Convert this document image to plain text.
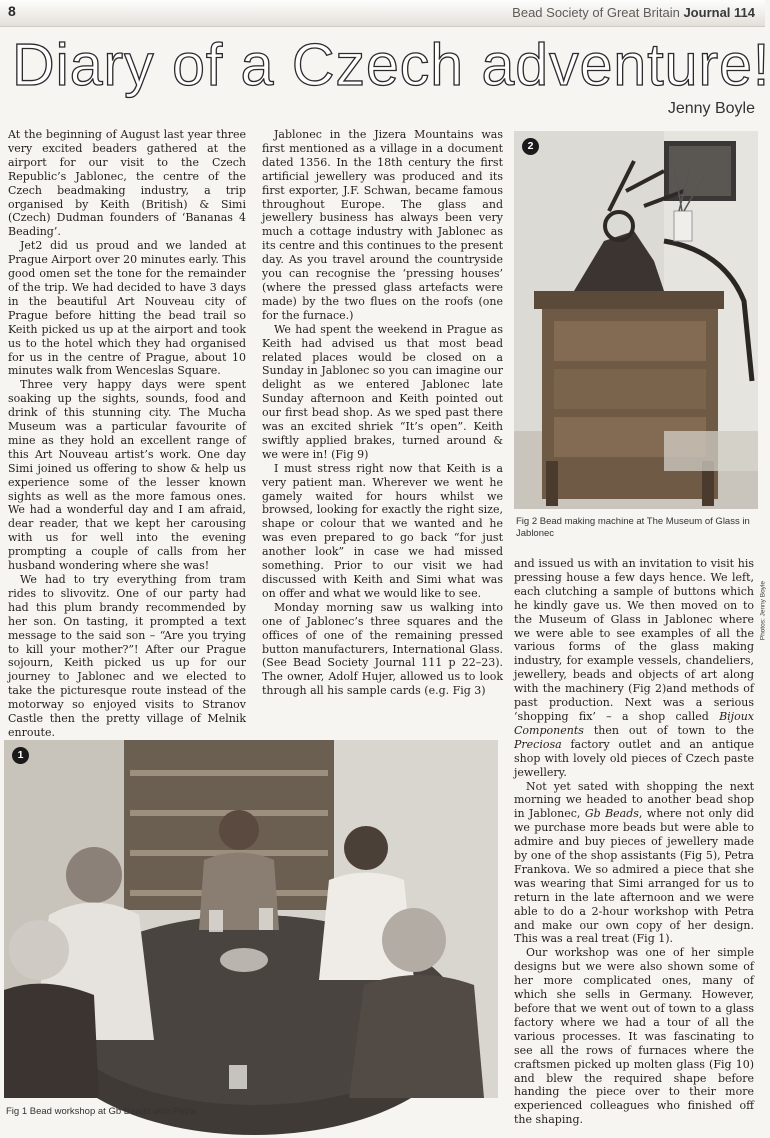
8	Bead Society of Great Britain Journal 114
Diary of a Czech adventure!
Jenny Boyle

At the beginning of August last year three very excited beaders gathered at the airport for our visit to the Czech Republic’s Jablonec, the centre of the Czech beadmaking industry, a trip organised by Keith (British) & Simi (Czech) Dudman founders of ‘Bananas 4 Beading’.

Jet2 did us proud and we landed at Prague Airport over 20 minutes early. This good omen set the tone for the remainder of the trip. We had decided to have 3 days in the beautiful Art Nouveau city of Prague before hitting the bead trail so Keith picked us up at the airport and took us to the hotel which they had organised for us in the centre of Prague, about 10 minutes walk from Wenceslas Square.

Three very happy days were spent soaking up the sights, sounds, food and drink of this stunning city. The Mucha Museum was a particular favourite of mine as they hold an excellent range of this Art Nouveau artist’s work. One day Simi joined us offering to show & help us experience some of the lesser known sights as well as the more famous ones. We had a wonderful day and I am afraid, dear reader, that we kept her carousing with us for well into the evening prompting a couple of calls from her husband wondering where she was!

We had to try everything from tram rides to slivovitz. One of our party had had this plum brandy recommended by her son. On tasting, it prompted a text message to the said son – “Are you trying to kill your mother?”! After our Prague sojourn, Keith picked us up for our journey to Jablonec and we elected to take the picturesque route instead of the motorway so enjoyed visits to Stranov Castle then the pretty village of Melnik enroute.

Jablonec in the Jizera Mountains was first mentioned as a village in a document dated 1356. In the 18th century the first artificial jewellery was produced and its first exporter, J.F. Schwan, became famous throughout Europe. The glass and jewellery business has always been very much a cottage industry with Jablonec as its centre and this continues to the present day. As you travel around the countryside you can recognise the ‘pressing houses’ (where the pressed glass artefacts were made) by the two flues on the roofs (one for the furnace.)

We had spent the weekend in Prague as Keith had advised us that most bead related places would be closed on a Sunday in Jablonec so you can imagine our delight as we entered Jablonec late Sunday afternoon and Keith pointed out our first bead shop. As we sped past there was an excited shriek “It’s open”. Keith swiftly applied brakes, turned around & we were in! (Fig 9)

I must stress right now that Keith is a very patient man. Wherever we went he gamely waited for hours whilst we browsed, looking for exactly the right size, shape or colour that we wanted and he was even prepared to go back “for just another look” in case we had missed something. Prior to our visit we had discussed with Keith and Simi what was on offer and what we would like to see.

Monday morning saw us walking into one of Jablonec’s three squares and the offices of one of the remaining pressed button manufacturers, International Glass. (See Bead Society Journal 111 p 22–23). The owner, Adolf Hujer, allowed us to look through all his sample cards (e.g. Fig 3)

2
Photos: Jenny Boyle
Fig 2 Bead making machine at The Museum of Glass in Jablonec

and issued us with an invitation to visit his pressing house a few days hence. We left, each clutching a sample of buttons which he kindly gave us. We then moved on to the Museum of Glass in Jablonec where we were able to see examples of all the various forms of the glass making industry, for example vessels, chandeliers, jewellery, beads and objects of art along with the machinery (Fig 2)and methods of past production. Next was a serious ‘shopping fix’ – a shop called Bijoux Components then out of town to the Preciosa factory outlet and an antique shop with lovely old pieces of Czech paste jewellery.

Not yet sated with shopping the next morning we headed to another bead shop in Jablonec, Gb Beads, where not only did we purchase more beads but were able to admire and buy pieces of jewellery made by one of the shop assistants (Fig 5), Petra Frankova. We so admired a piece that she was wearing that Simi arranged for us to return in the late afternoon and we were able to do a 2-hour workshop with Petra and make our own copy of her design. This was a real treat (Fig 1).

Our workshop was one of her simple designs but we were also shown some of her more complicated ones, many of which she sells in Germany. However, before that we went out of town to a glass factory where we had a tour of all the various processes. It was fascinating to see all the rows of furnaces where the craftsmen picked up molten glass (Fig 10) and blew the required shape before handing the piece over to their more experienced colleagues who finished off the shaping.

1
Fig 1 Bead workshop at Gb Beads with Petra
